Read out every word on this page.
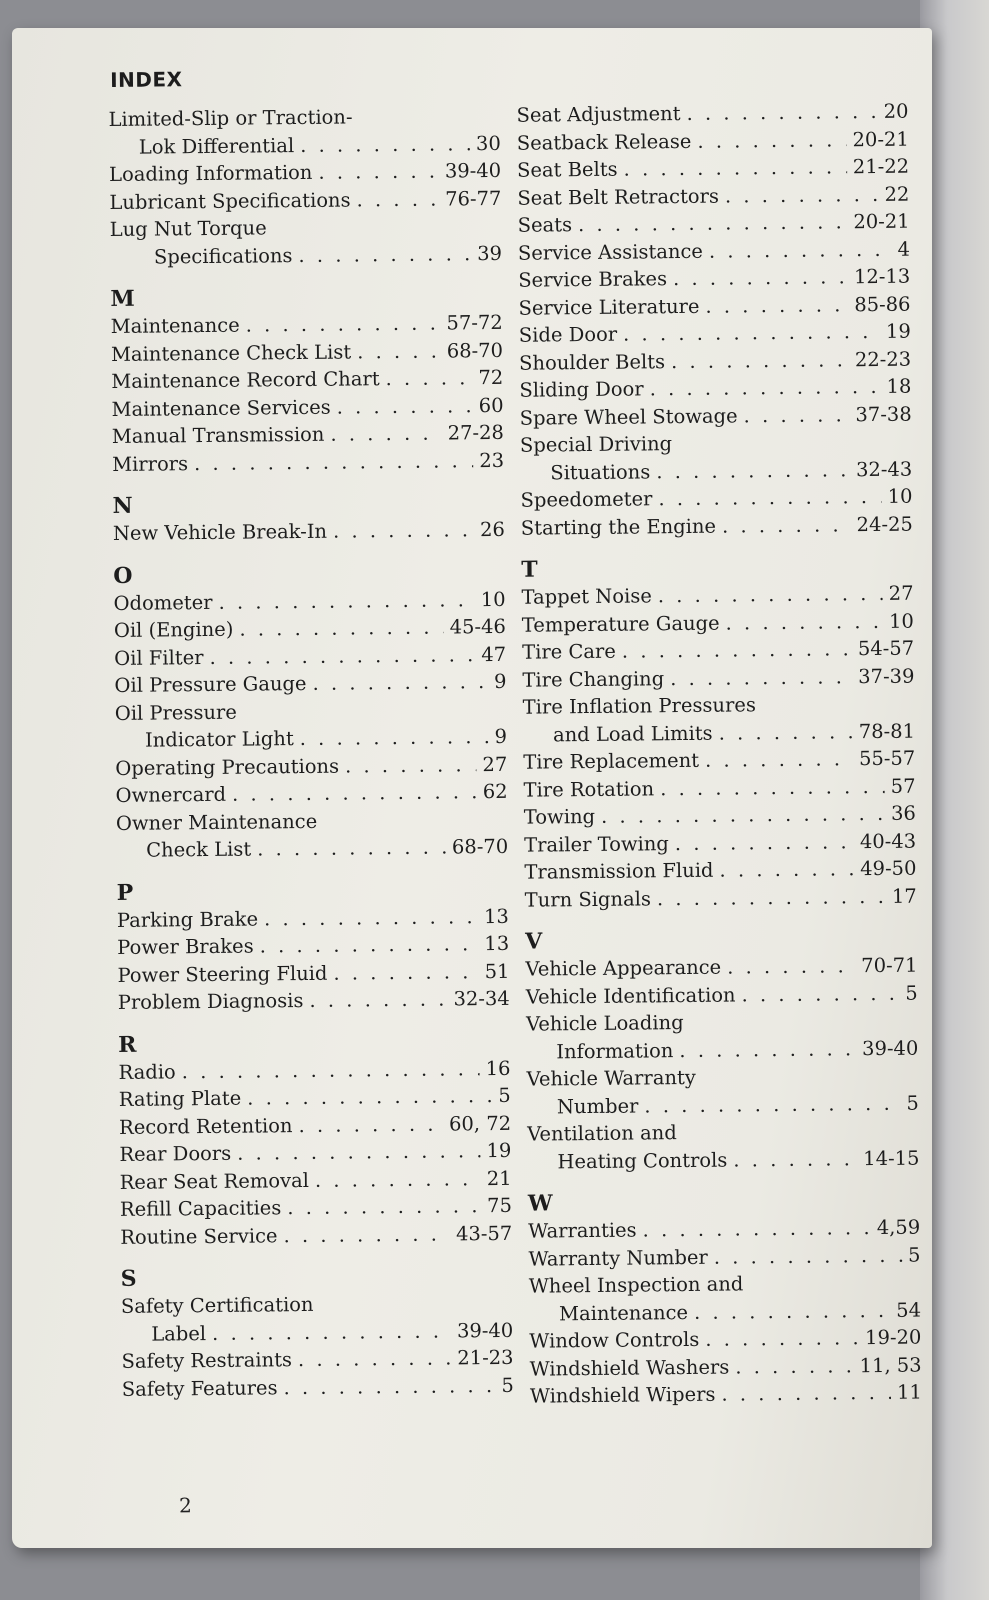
INDEX
Limited-Slip or Traction-
Lok Differential . . .	30
Loading Information . . .	39-40
Lubricant Specifications . . .	76-77
Lug Nut Torque
Specifications . . .	39
M
Maintenance . . .	57-72
Maintenance Check List . . .	68-70
Maintenance Record Chart . . .	72
Maintenance Services . . .	60
Manual Transmission . . .	27-28
Mirrors . . .	23
N
New Vehicle Break-In . . .	26
O
Odometer . . .	10
Oil (Engine) . . .	45-46
Oil Filter . . .	47
Oil Pressure Gauge . . .	9
Oil Pressure
Indicator Light . . .	9
Operating Precautions . . .	27
Ownercard . . .	62
Owner Maintenance
Check List . . .	68-70
P
Parking Brake . . .	13
Power Brakes . . .	13
Power Steering Fluid . . .	51
Problem Diagnosis . . .	32-34
R
Radio . . .	16
Rating Plate . . .	5
Record Retention . . .	60, 72
Rear Doors . . .	19
Rear Seat Removal . . .	21
Refill Capacities . . .	75
Routine Service . . .	43-57
S
Safety Certification
Label . . .	39-40
Safety Restraints . . .	21-23
Safety Features . . .	5
Seat Adjustment . . .	20
Seatback Release . . .	20-21
Seat Belts . . .	21-22
Seat Belt Retractors . . .	22
Seats . . .	20-21
Service Assistance . . .	4
Service Brakes . . .	12-13
Service Literature . . .	85-86
Side Door . . .	19
Shoulder Belts . . .	22-23
Sliding Door . . .	18
Spare Wheel Stowage . . .	37-38
Special Driving
Situations . . .	32-43
Speedometer . . .	10
Starting the Engine . . .	24-25
T
Tappet Noise . . .	27
Temperature Gauge . . .	10
Tire Care . . .	54-57
Tire Changing . . .	37-39
Tire Inflation Pressures
and Load Limits . . .	78-81
Tire Replacement . . .	55-57
Tire Rotation . . .	57
Towing . . .	36
Trailer Towing . . .	40-43
Transmission Fluid . . .	49-50
Turn Signals . . .	17
V
Vehicle Appearance . . .	70-71
Vehicle Identification . . .	5
Vehicle Loading
Information . . .	39-40
Vehicle Warranty
Number . . .	5
Ventilation and
Heating Controls . . .	14-15
W
Warranties . . .	4,59
Warranty Number . . .	5
Wheel Inspection and
Maintenance . . .	54
Window Controls . . .	19-20
Windshield Washers . . .	11, 53
Windshield Wipers . . .	11
2
